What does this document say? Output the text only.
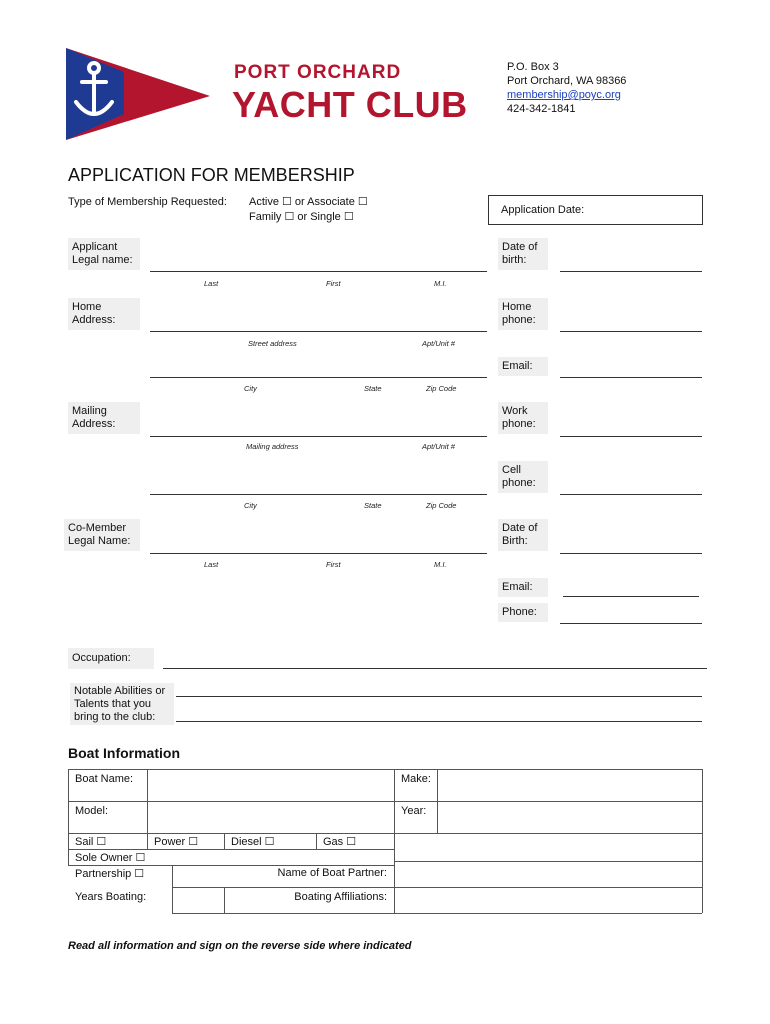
PORT ORCHARD
YACHT CLUB
P.O. Box 3
Port Orchard, WA 98366
membership@poyc.org
424-342-1841
APPLICATION FOR MEMBERSHIP
Type of Membership Requested: Active ☐ or Associate ☐
Family ☐ or Single ☐
Application Date:
Applicant
Legal name:
Last	First	M.I.
Date of
birth:
Home
Address:
Street address	Apt/Unit #
Home
phone:
City	State	Zip Code
Email:
Mailing
Address:
Mailing address	Apt/Unit #
Work
phone:
City	State	Zip Code
Cell
phone:
Co-Member
Legal Name:
Last	First	M.I.
Date of
Birth:
Email:
Phone:
Occupation:
Notable Abilities or
Talents that you
bring to the club:
Boat Information
Boat Name:	Make:
Model:	Year:
Sail ☐	Power ☐	Diesel ☐	Gas ☐
Sole Owner ☐
Partnership ☐	Name of Boat Partner:
Years Boating:	Boating Affiliations:
Read all information and sign on the reverse side where indicated
